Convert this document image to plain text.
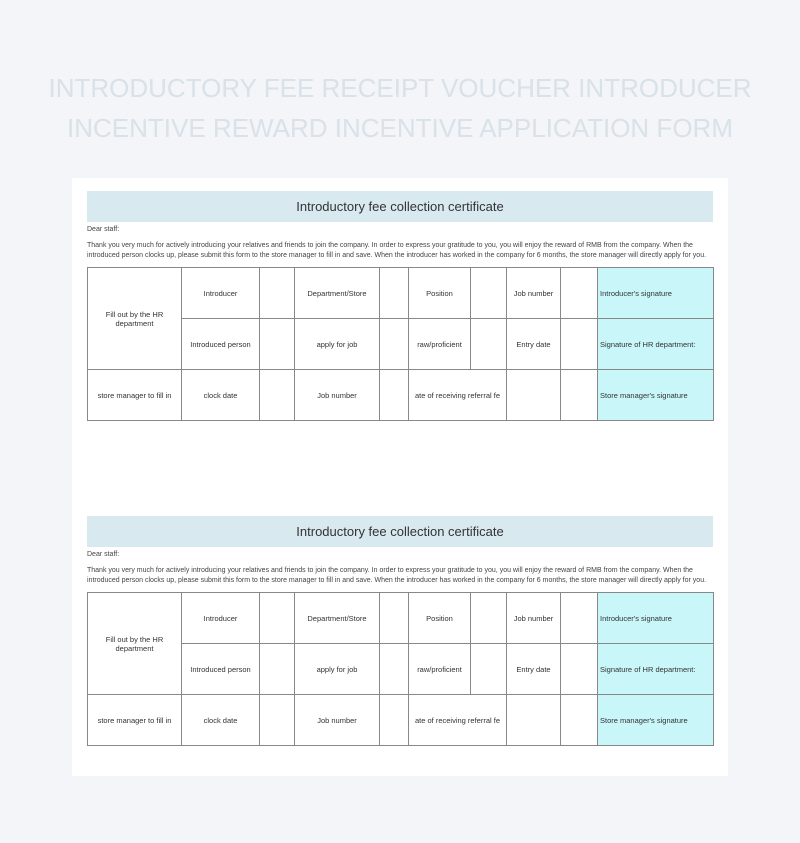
INTRODUCTORY FEE RECEIPT VOUCHER INTRODUCER INCENTIVE REWARD INCENTIVE APPLICATION FORM
Introductory fee collection certificate
Dear staff:
Thank you very much for actively introducing your relatives and friends to join the company. In order to express your gratitude to you, you will enjoy the reward of RMB from the company. When the introduced person clocks up, please submit this form to the store manager to fill in and save. When the introducer has worked in the company for 6 months, the store manager will directly apply for you.
Fill out by the HR department	Introducer		Department/Store		Position		Job number		Introducer's signature
	Introduced person		apply for job		raw/proficient		Entry date		Signature of HR department:
store manager to fill in	clock date		Job number		ate of receiving referral fe				Store manager's signature
Introductory fee collection certificate
Dear staff:
Thank you very much for actively introducing your relatives and friends to join the company. In order to express your gratitude to you, you will enjoy the reward of RMB from the company. When the introduced person clocks up, please submit this form to the store manager to fill in and save. When the introducer has worked in the company for 6 months, the store manager will directly apply for you.
Fill out by the HR department	Introducer		Department/Store		Position		Job number		Introducer's signature
	Introduced person		apply for job		raw/proficient		Entry date		Signature of HR department:
store manager to fill in	clock date		Job number		ate of receiving referral fe				Store manager's signature
